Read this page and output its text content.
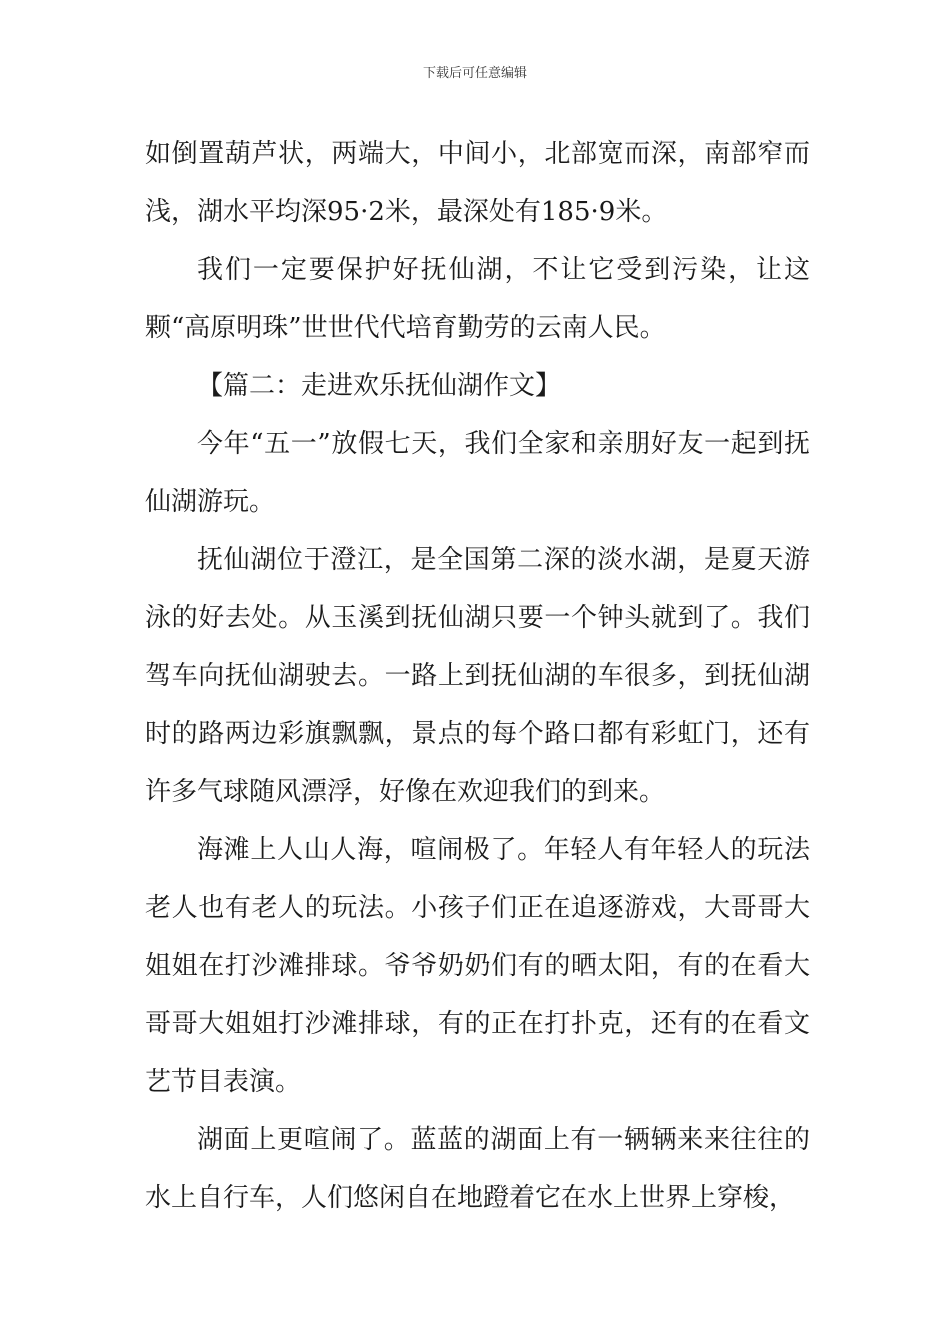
下载后可任意编辑

如倒置葫芦状，两端大，中间小，北部宽而深，南部窄而浅，湖水平均深95·2米，最深处有185·9米。

我们一定要保护好抚仙湖，不让它受到污染，让这颗“高原明珠”世世代代培育勤劳的云南人民。

【篇二：走进欢乐抚仙湖作文】

今年“五一”放假七天，我们全家和亲朋好友一起到抚仙湖游玩。

抚仙湖位于澄江，是全国第二深的淡水湖，是夏天游泳的好去处。从玉溪到抚仙湖只要一个钟头就到了。我们驾车向抚仙湖驶去。一路上到抚仙湖的车很多，到抚仙湖时的路两边彩旗飘飘，景点的每个路口都有彩虹门，还有许多气球随风漂浮，好像在欢迎我们的到来。

海滩上人山人海，喧闹极了。年轻人有年轻人的玩法老人也有老人的玩法。小孩子们正在追逐游戏，大哥哥大姐姐在打沙滩排球。爷爷奶奶们有的晒太阳，有的在看大哥哥大姐姐打沙滩排球，有的正在打扑克，还有的在看文艺节目表演。

湖面上更喧闹了。蓝蓝的湖面上有一辆辆来来往往的水上自行车，人们悠闲自在地蹬着它在水上世界上穿梭，
